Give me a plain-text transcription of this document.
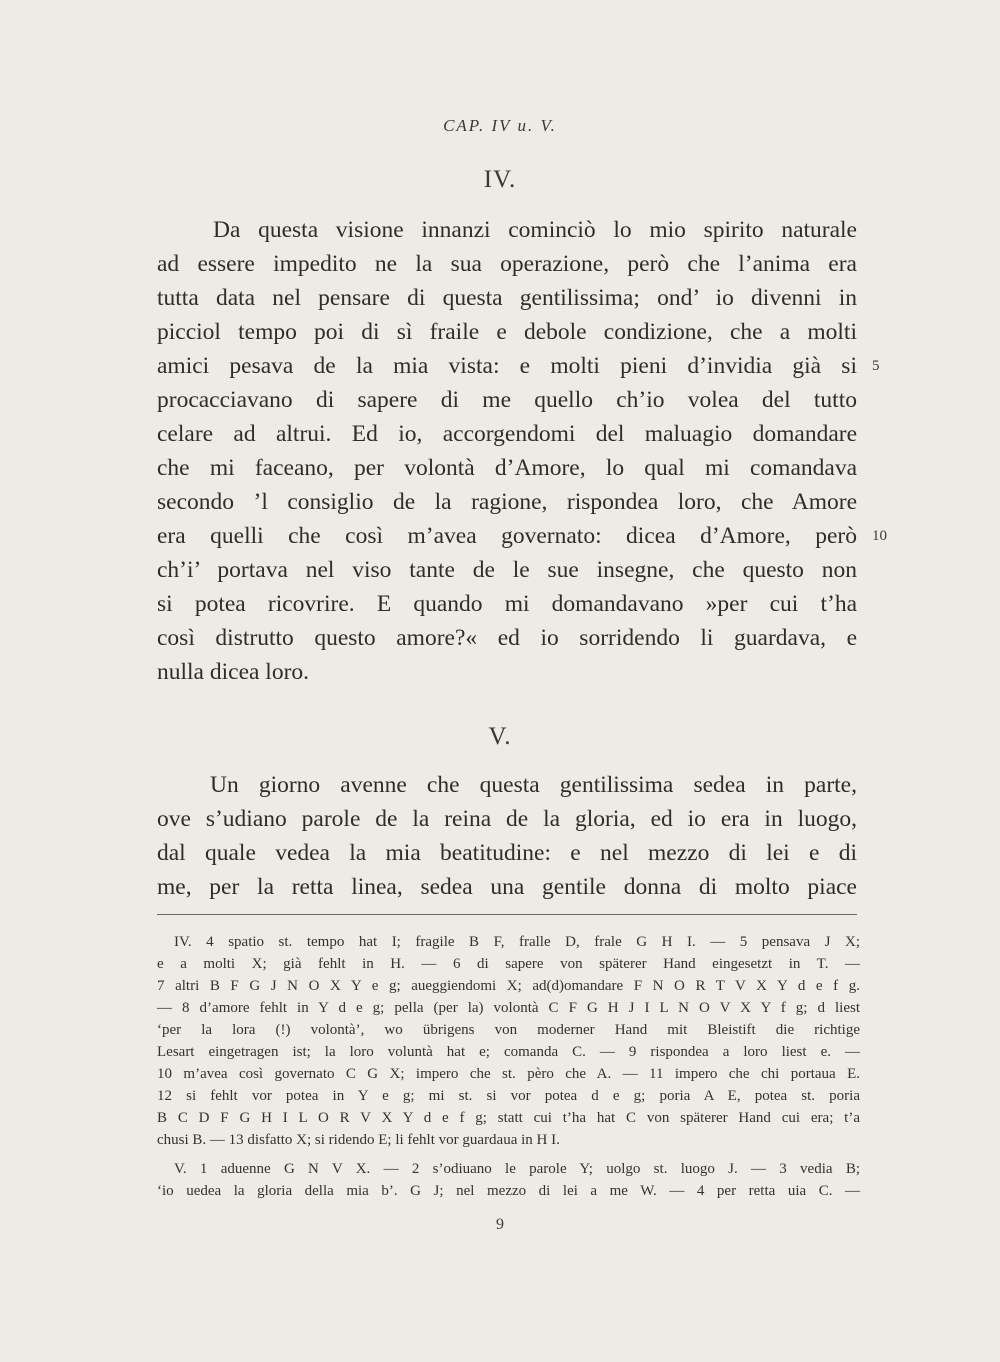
CAP. IV u. V.
IV.
Da questa visione innanzi cominciò lo mio spirito naturale
ad essere impedito ne la sua operazione, però che l’anima era
tutta data nel pensare di questa gentilissima; ond’ io divenni in
picciol tempo poi di sì fraile e debole condizione, che a molti
amici pesava de la mia vista: e molti pieni d’invidia già si
procacciavano di sapere di me quello ch’io volea del tutto
celare ad altrui. Ed io, accorgendomi del maluagio domandare
che mi faceano, per volontà d’Amore, lo qual mi comandava
secondo ’l consiglio de la ragione, rispondea loro, che Amore
era quelli che così m’avea governato: dicea d’Amore, però
ch’i’ portava nel viso tante de le sue insegne, che questo non
si potea ricovrire. E quando mi domandavano »per cui t’ha
così distrutto questo amore?« ed io sorridendo li guardava, e
nulla dicea loro.
5
10
V.
Un giorno avenne che questa gentilissima sedea in parte,
ove s’udiano parole de la reina de la gloria, ed io era in luogo,
dal quale vedea la mia beatitudine: e nel mezzo di lei e di
me, per la retta linea, sedea una gentile donna di molto piace
IV. 4 spatio st. tempo hat I; fragile B F, fralle D, frale G H I. — 5 pensava J X;
e a molti X; già fehlt in H. — 6 di sapere von späterer Hand eingesetzt in T. —
7 altri B F G J N O X Y e g; aueggiendomi X; ad(d)omandare F N O R T V X Y d e f g.
— 8 d’amore fehlt in Y d e g; pella (per la) volontà C F G H J I L N O V X Y f g; d liest
‘per la lora (!) volontà’, wo übrigens von moderner Hand mit Bleistift die richtige
Lesart eingetragen ist; la loro voluntà hat e; comanda C. — 9 rispondea a loro liest e. —
10 m’avea così governato C G X; impero che st. pèro che A. — 11 impero che chi portaua E.
12 si fehlt vor potea in Y e g; mi st. si vor potea d e g; poria A E, potea st. poria
B C D F G H I L O R V X Y d e f g; statt cui t’ha hat C von späterer Hand cui era; t’a
chusi B. — 13 disfatto X; si ridendo E; li fehlt vor guardaua in H I.
V. 1 aduenne G N V X. — 2 s’odiuano le parole Y; uolgo st. luogo J. — 3 vedia B;
‘io uedea la gloria della mia b’. G J; nel mezzo di lei a me W. — 4 per retta uia C. —
9
